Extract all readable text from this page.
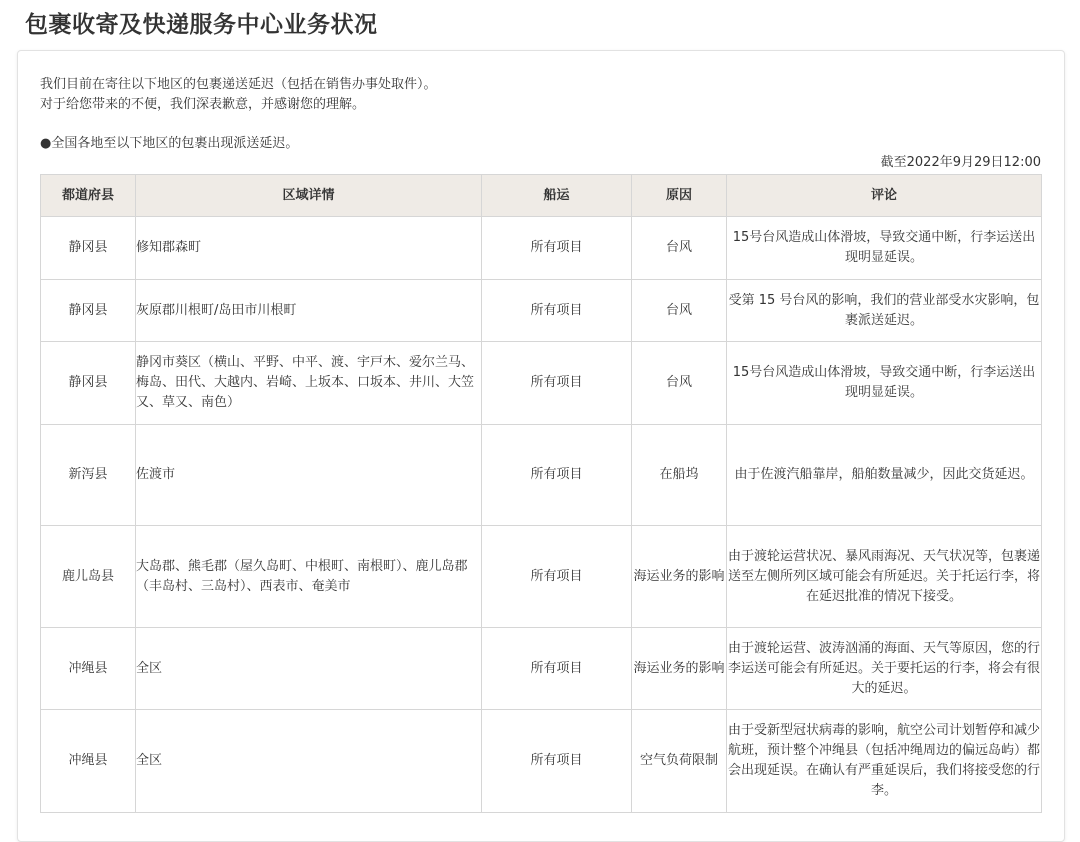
包裹收寄及快递服务中心业务状况

我们目前在寄往以下地区的包裹递送延迟（包括在销售办事处取件）。

对于给您带来的不便，我们深表歉意，并感谢您的理解。

●全国各地至以下地区的包裹出现派送延迟。
截至2022年9月29日12:00
都道府县	区域详情	船运	原因	评论
静冈县	修知郡森町	所有项目	台风	15号台风造成山体滑坡，导致交通中断，行李运送出现明显延误。
静冈县	灰原郡川根町/岛田市川根町	所有项目	台风	受第 15 号台风的影响，我们的营业部受水灾影响，包裹派送延迟。
静冈县	静冈市葵区（横山、平野、中平、渡、宇戸木、爱尔兰马、梅岛、田代、大越内、岩崎、上坂本、口坂本、井川、大笠又、草又、南色）	所有项目	台风	15号台风造成山体滑坡，导致交通中断，行李运送出现明显延误。
新泻县	佐渡市	所有项目	在船坞	由于佐渡汽船靠岸，船舶数量减少，因此交货延迟。
鹿儿岛县	大岛郡、熊毛郡（屋久岛町、中根町、南根町）、鹿儿岛郡（丰岛村、三岛村）、西表市、奄美市	所有项目	海运业务的影响	由于渡轮运营状况、暴风雨海况、天气状况等，包裹递送至左侧所列区域可能会有所延迟。关于托运行李，将在延迟批准的情况下接受。
冲绳县	全区	所有项目	海运业务的影响	由于渡轮运营、波涛汹涌的海面、天气等原因，您的行李运送可能会有所延迟。关于要托运的行李，将会有很大的延迟。
冲绳县	全区	所有项目	空气负荷限制	由于受新型冠状病毒的影响，航空公司计划暂停和减少航班，预计整个冲绳县（包括冲绳周边的偏远岛屿）都会出现延误。在确认有严重延误后，我们将接受您的行李。
